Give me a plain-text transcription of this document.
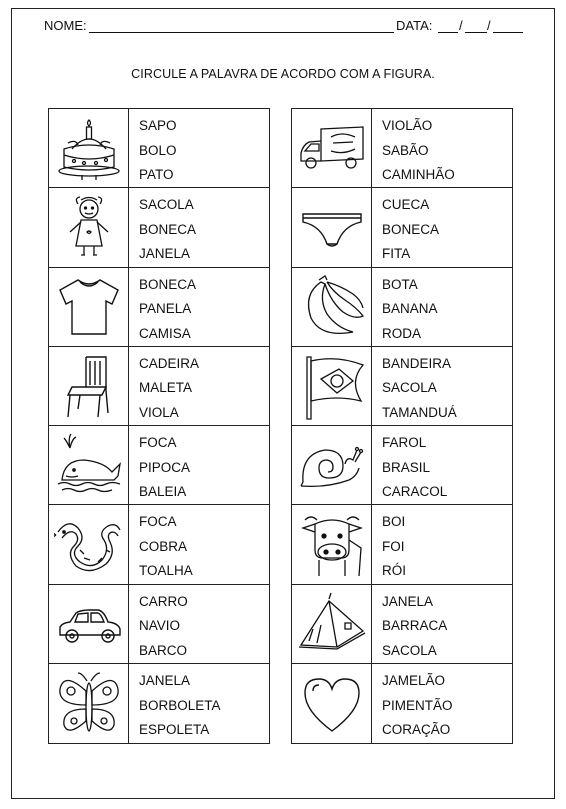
NOME:	DATA: / /
CIRCULE A PALAVRA DE ACORDO COM A FIGURA.
SAPO
BOLO
PATO
SACOLA
BONECA
JANELA
BONECA
PANELA
CAMISA
CADEIRA
MALETA
VIOLA
FOCA
PIPOCA
BALEIA
FOCA
COBRA
TOALHA
CARRO
NAVIO
BARCO
JANELA
BORBOLETA
ESPOLETA
VIOLÃO
SABÃO
CAMINHÃO
CUECA
BONECA
FITA
BOTA
BANANA
RODA
BANDEIRA
SACOLA
TAMANDUÁ
FAROL
BRASIL
CARACOL
BOI
FOI
RÓI
JANELA
BARRACA
SACOLA
JAMELÃO
PIMENTÃO
CORAÇÃO
